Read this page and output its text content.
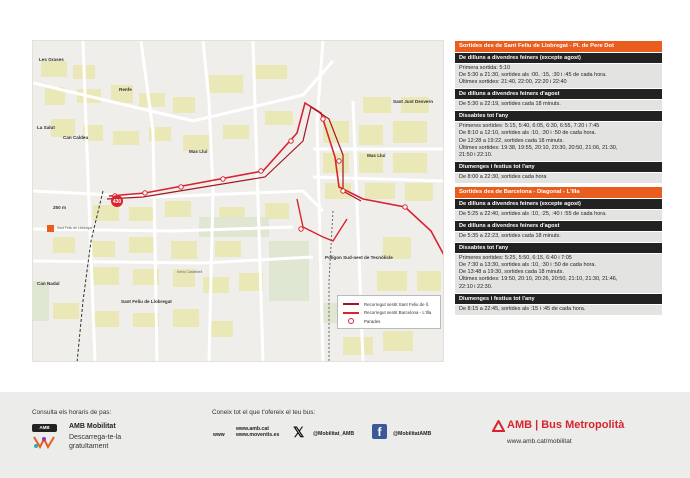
430
Les Grases
La Salut
Can Caldeu
Mas Lluí
Mas Lluí
Sant Just Desvern
Sant Feliu de Llobregat
Polígon Sud-oest de Tecnòlicle
Can Nadal
Renfe
Sant Feliu de Llobregat
Kèelo Castellbell
250 m
Recorregut sentit Sant Feliu de ll.
Recorregut sentit Barcelona - L'Illa
Parades
Sortides des de Sant Feliu de Llobregat - Pl. de Pere Dot
De dilluns a divendres feiners (excepte agost)
Primera sortida: 5:10
De 5:30 a 21:30, sortides als :00, :15, :30 i :45 de cada hora.
Últimes sortides: 21:40, 22:00, 22:20 i 22:40
De dilluns a divendres feiners d'agost
De 5:30 a 22:19, sortides cada 18 minuts.
Dissabtes tot l'any
Primeres sortides: 5:15, 5:40, 6:05, 6:30, 6:55, 7:20 i 7:45
De 8:10 a 12:10, sortides als :10, :30 i :50 de cada hora.
De 12:28 a 19:22, sortides cada 18 minuts.
Últimes sortides: 19:38, 19:55, 20:10, 20:30, 20:50, 21:06, 21:30,
21:50 i 22:10.
Diumenges i festius tot l'any
De 8:00 a 22:30, sortides cada hora
Sortides des de Barcelona - Diagonal - L'Illa
De dilluns a divendres feiners (excepte agost)
De 5:25 a 22:40, sortides als :10, :25, :40 i :55 de cada hora.
De dilluns a divendres feiners d'agost
De 5:35 a 22:23, sortides cada 18 minuts.
Dissabtes tot l'any
Primeres sortides: 5:25, 5:50, 6:15, 6:40 i 7:05
De 7:30 a 13:30, sortides als :10, :30 i :50 de cada hora.
De 13:48 a 19:30, sortides cada 18 minuts.
Últimes sortides: 19:50, 20:10, 20:26, 20:50, 21:10, 21:30, 21:46,
22:10 i 22:30.
Diumenges i festius tot l'any
De 8:15 a 22:45, sortides als :15 i :45 de cada hora.
Consulta els horaris de pas:
AMB	AMB Mobilitat
Descarrega-te-la gratuïtament
Coneix tot el que t'ofereix el teu bus:
www
www.amb.cat
www.moventis.es 𝕏	@Mobilitat_AMB	f	@MobilitatAMB
AMB | Bus Metropolità
www.amb.cat/mobilitat
